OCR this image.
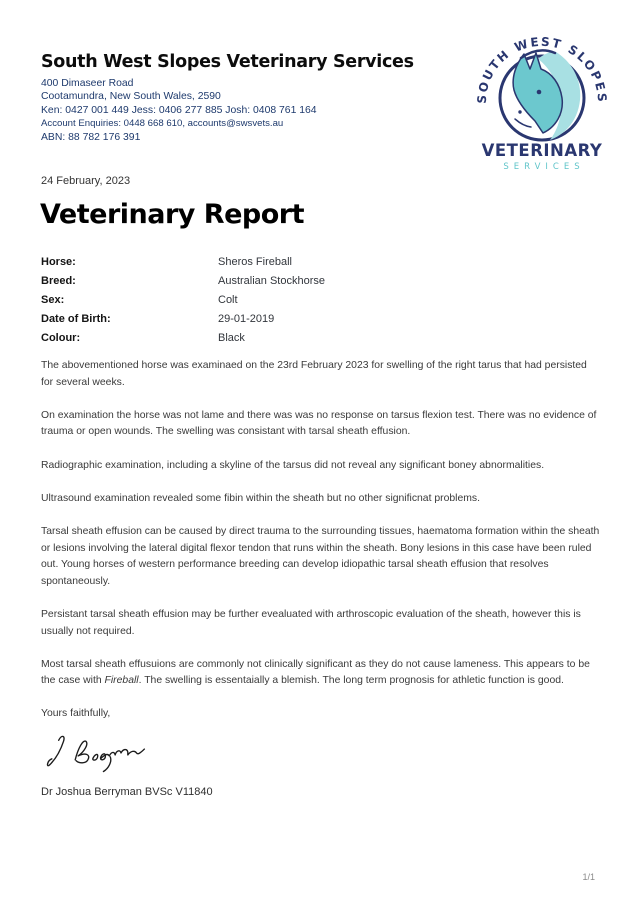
South West Slopes Veterinary Services
400 Dimaseer Road
Cootamundra, New South Wales, 2590
Ken: 0427 001 449 Jess: 0406 277 885 Josh: 0408 761 164
Account Enquiries: 0448 668 610, accounts@swsvets.au
ABN: 88 782 176 391
SOUTH WEST SLOPES
VETERINARY
SERVICES
24 February, 2023
Veterinary Report
Horse:	Sheros Fireball
Breed:	Australian Stockhorse
Sex:	Colt
Date of Birth:	29-01-2019
Colour:	Black

The abovementioned horse was examinaed on the 23rd February 2023 for swelling of the right tarus that had persisted for several weeks.

On examination the horse was not lame and there was was no response on tarsus flexion test. There was no evidence of trauma or open wounds. The swelling was consistant with tarsal sheath effusion.

Radiographic examination, including a skyline of the tarsus did not reveal any significant boney abnormalities.

Ultrasound examination revealed some fibin within the sheath but no other significnat problems.

Tarsal sheath effusion can be caused by direct trauma to the surrounding tissues, haematoma formation within the sheath or lesions involving the lateral digital flexor tendon that runs within the sheath. Bony lesions in this case have been ruled out. Young horses of western performance breeding can develop idiopathic tarsal sheath effusion that resolves spontaneously.

Persistant tarsal sheath effusion may be further evealuated with arthroscopic evaluation of the sheath, however this is usually not required.

Most tarsal sheath effusuions are commonly not clinically significant as they do not cause lameness. This appears to be the case with Fireball. The swelling is essentaially a blemish. The long term prognosis for athletic function is good.

Yours faithfully,

Dr Joshua Berryman BVSc V11840
1/1
